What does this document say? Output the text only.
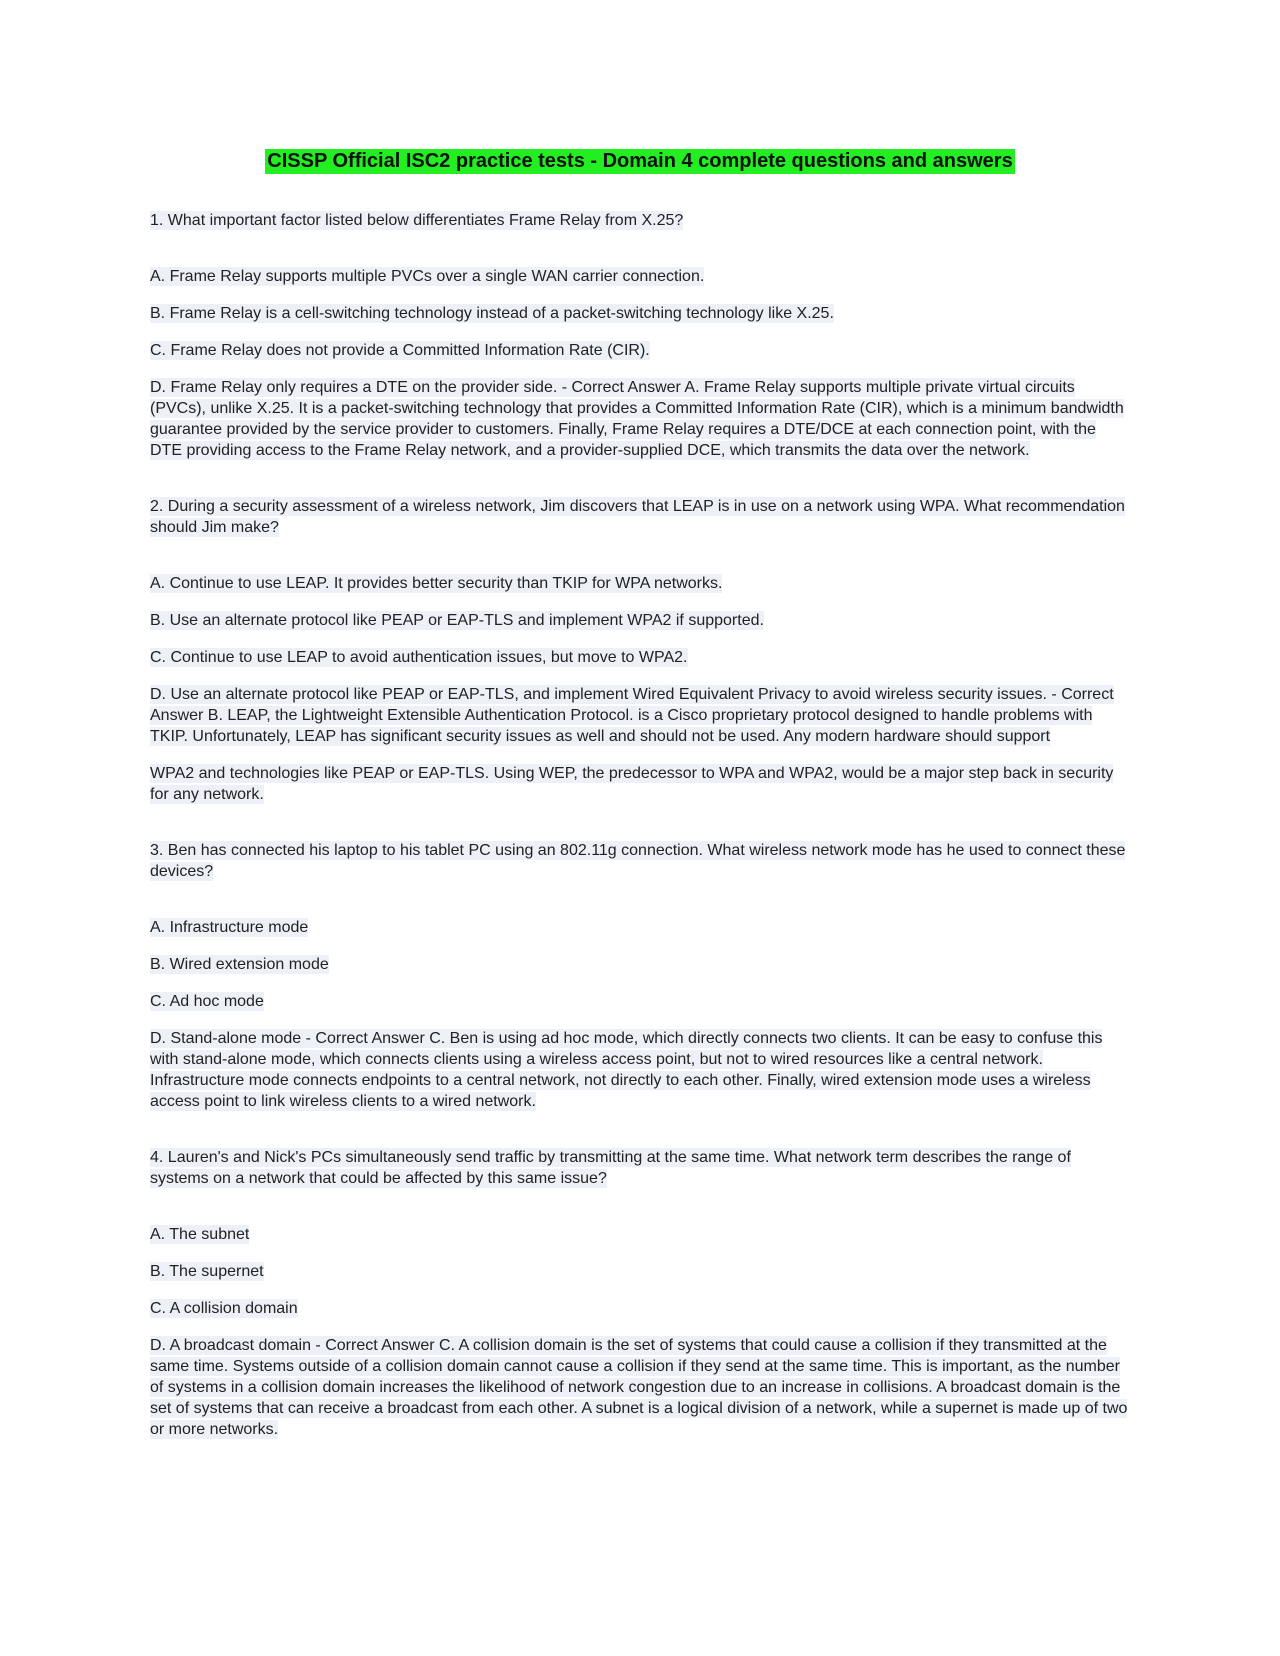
CISSP Official ISC2 practice tests - Domain 4 complete questions and answers

1. What important factor listed below differentiates Frame Relay from X.25?

A. Frame Relay supports multiple PVCs over a single WAN carrier connection.

B. Frame Relay is a cell-switching technology instead of a packet-switching technology like X.25.

C. Frame Relay does not provide a Committed Information Rate (CIR).

D. Frame Relay only requires a DTE on the provider side. - Correct Answer A. Frame Relay supports multiple private virtual circuits (PVCs), unlike X.25. It is a packet-switching technology that provides a Committed Information Rate (CIR), which is a minimum bandwidth guarantee provided by the service provider to customers. Finally, Frame Relay requires a DTE/DCE at each connection point, with the DTE providing access to the Frame Relay network, and a provider-supplied DCE, which transmits the data over the network.

2. During a security assessment of a wireless network, Jim discovers that LEAP is in use on a network using WPA. What recommendation should Jim make?

A. Continue to use LEAP. It provides better security than TKIP for WPA networks.

B. Use an alternate protocol like PEAP or EAP-TLS and implement WPA2 if supported.

C. Continue to use LEAP to avoid authentication issues, but move to WPA2.

D. Use an alternate protocol like PEAP or EAP-TLS, and implement Wired Equivalent Privacy to avoid wireless security issues. - Correct Answer B. LEAP, the Lightweight Extensible Authentication Protocol. is a Cisco proprietary protocol designed to handle problems with TKIP. Unfortunately, LEAP has significant security issues as well and should not be used. Any modern hardware should support

WPA2 and technologies like PEAP or EAP-TLS. Using WEP, the predecessor to WPA and WPA2, would be a major step back in security for any network.

3. Ben has connected his laptop to his tablet PC using an 802.11g connection. What wireless network mode has he used to connect these devices?

A. Infrastructure mode

B. Wired extension mode

C. Ad hoc mode

D. Stand-alone mode - Correct Answer C. Ben is using ad hoc mode, which directly connects two clients. It can be easy to confuse this with stand-alone mode, which connects clients using a wireless access point, but not to wired resources like a central network. Infrastructure mode connects endpoints to a central network, not directly to each other. Finally, wired extension mode uses a wireless access point to link wireless clients to a wired network.

4. Lauren's and Nick's PCs simultaneously send traffic by transmitting at the same time. What network term describes the range of systems on a network that could be affected by this same issue?

A. The subnet

B. The supernet

C. A collision domain

D. A broadcast domain - Correct Answer C. A collision domain is the set of systems that could cause a collision if they transmitted at the same time. Systems outside of a collision domain cannot cause a collision if they send at the same time. This is important, as the number of systems in a collision domain increases the likelihood of network congestion due to an increase in collisions. A broadcast domain is the set of systems that can receive a broadcast from each other. A subnet is a logical division of a network, while a supernet is made up of two or more networks.
